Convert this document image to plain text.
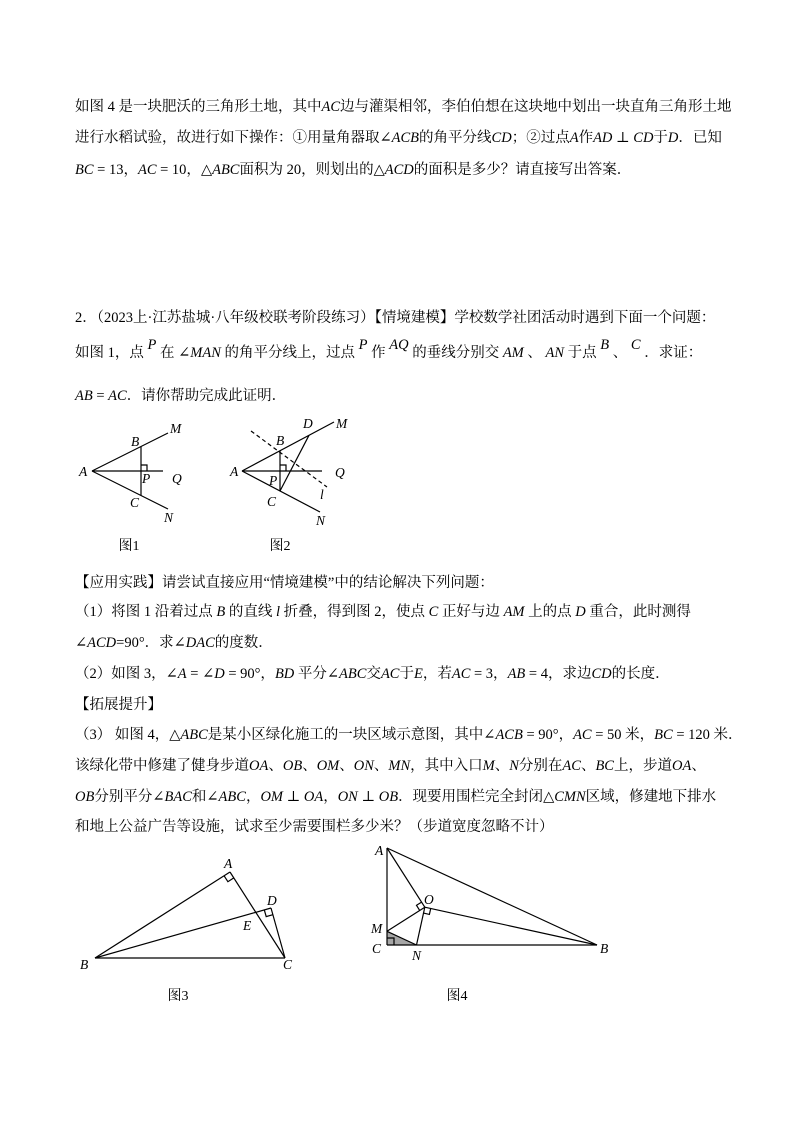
如图 4 是一块肥沃的三角形土地，其中AC边与灌渠相邻，李伯伯想在这块地中划出一块直角三角形土地
进行水稻试验，故进行如下操作：①用量角器取∠ACB的角平分线CD；②过点A作AD ⊥ CD于D．已知
BC = 13，AC = 10，△ABC面积为 20，则划出的△ACD的面积是多少？请直接写出答案．
2．（2023上·江苏盐城·八年级校联考阶段练习）【情境建模】学校数学社团活动时遇到下面一个问题：
如图 1，点 P 在 ∠MAN 的角平分线上，过点 P 作 AQ 的垂线分别交 AM 、 AN 于点 B 、 C ．求证：
AB = AC．请你帮助完成此证明．
【应用实践】请尝试直接应用“情境建模”中的结论解决下列问题：
（1）将图 1 沿着过点 B 的直线 l 折叠，得到图 2，使点 C 正好与边 AM 上的点 D 重合，此时测得
∠ACD=90°．求∠DAC的度数．
（2）如图 3，∠A = ∠D = 90°，BD 平分∠ABC交AC于E，若AC = 3，AB = 4，求边CD的长度．
【拓展提升】
（3） 如图 4，△ABC是某小区绿化施工的一块区域示意图，其中∠ACB = 90°，AC = 50 米，BC = 120 米．
该绿化带中修建了健身步道OA、OB、OM、ON、MN，其中入口M、N分别在AC、BC上，步道OA、
OB分别平分∠BAC和∠ABC，OM ⊥ OA，ON ⊥ OB．现要用围栏完全封闭△CMN区域，修建地下排水
和地上公益广告等设施，试求至少需要围栏多少米？（步道宽度忽略不计）
图1	图2
图3	图4
A
B
C
P
M
N
Q	A
B
C
D
P
M
N
Q
l
A
D
E
B	C
A
O
M
C N	B
